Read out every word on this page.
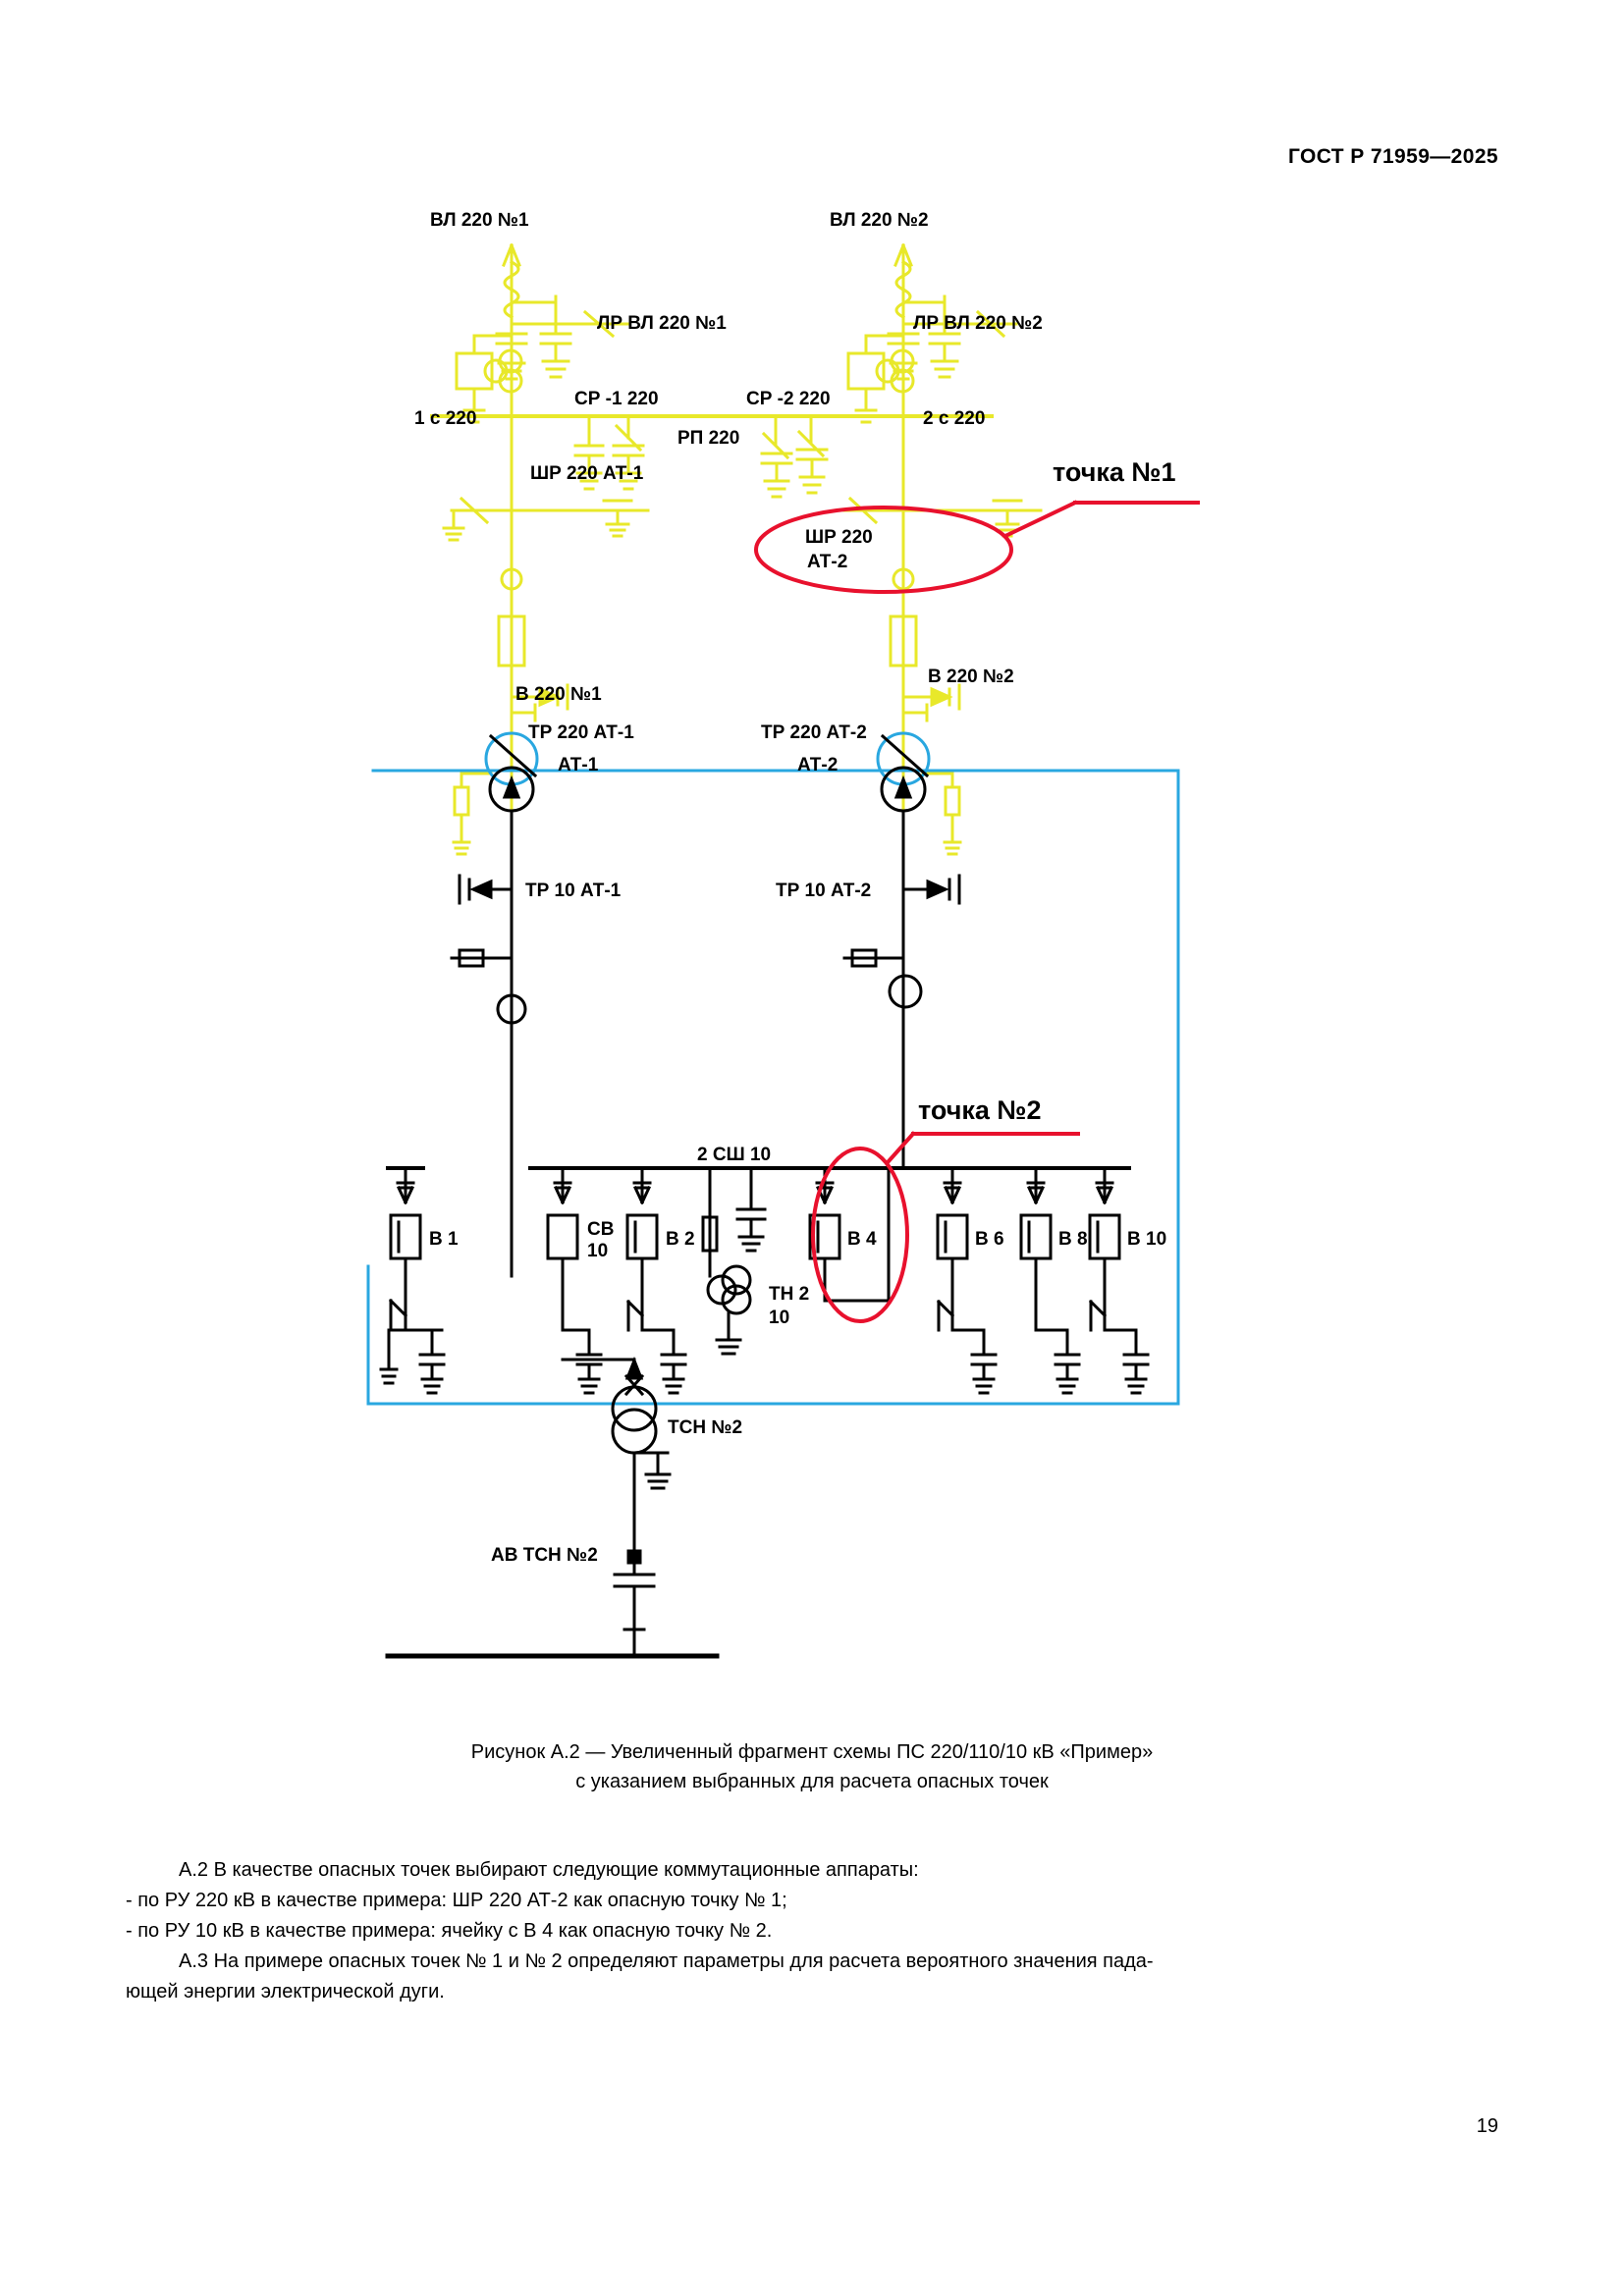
ГОСТ Р 71959—2025
ВЛ 220 №1	ВЛ 220 №2
ЛР ВЛ 220 №1	ЛР ВЛ 220 №2
СР -1 220	СР -2 220
РП 220
1 с 220	2 с 220
ШР 220 АТ-1
ШР 220
АТ-2
В 220 №1
В 220 №2
ТР 220 АТ-1	ТР 220 АТ-2
АТ-1	АТ-2
ТР 10 АТ-1	ТР 10 АТ-2
2 СШ 10
В 1	СВ
10
В 2	В 4	В 6	В 8 В 10
ТН 2
10
ТСН №2
АВ ТСН №2
точка №1
точка №2
Рисунок А.2 — Увеличенный фрагмент схемы ПС 220/110/10 кВ «Пример»
с указанием выбранных для расчета опасных точек

А.2 В качестве опасных точек выбирают следующие коммутационные аппараты:

- по РУ 220 кВ в качестве примера: ШР 220 АТ-2 как опасную точку № 1;

- по РУ 10 кВ в качестве примера: ячейку с В 4 как опасную точку № 2.

А.3 На примере опасных точек № 1 и № 2 определяют параметры для расчета вероятного значения пада-

ющей энергии электрической дуги.

19
